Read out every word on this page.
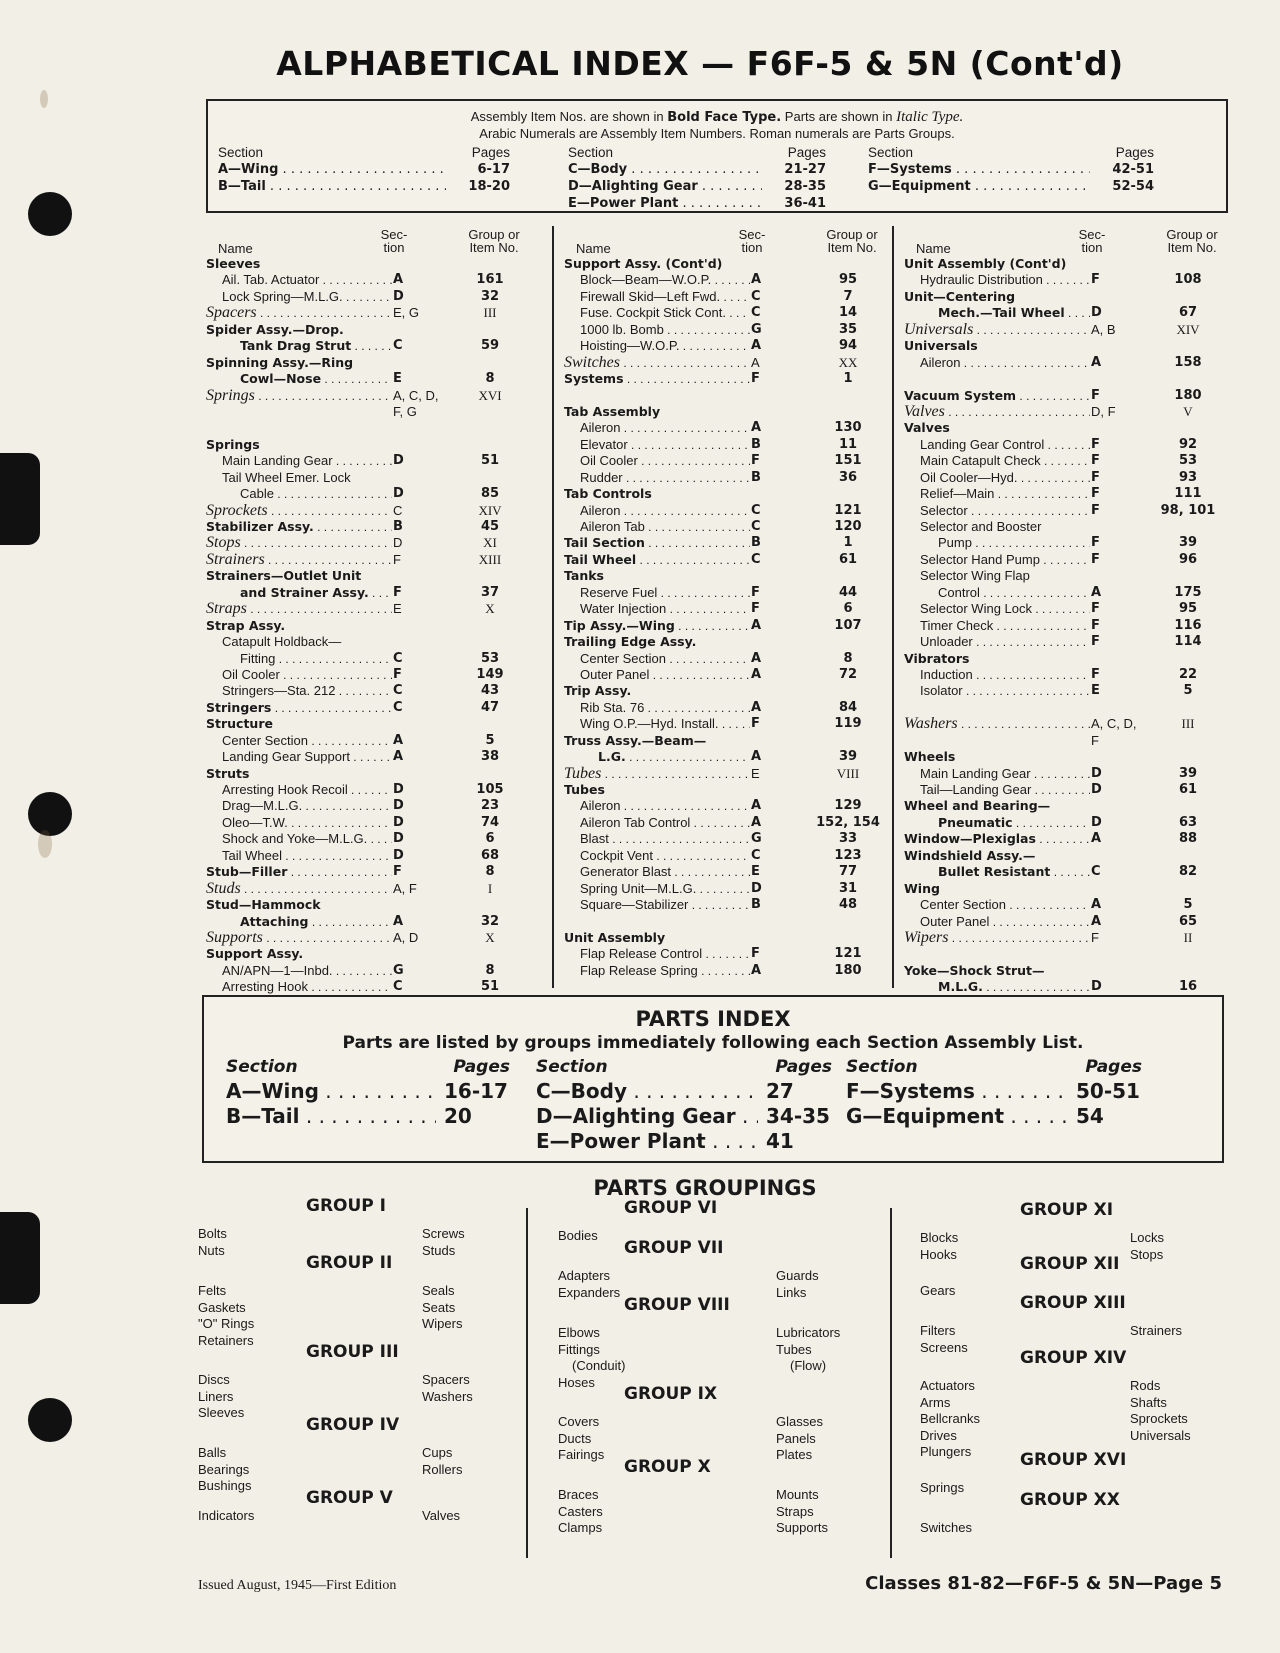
ALPHABETICAL INDEX — F6F-5 & 5N (Cont'd)
Assembly Item Nos. are shown in Bold Face Type. Parts are shown in Italic Type.
Arabic Numerals are Assembly Item Numbers. Roman numerals are Parts Groups.
Section	Pages
A—Wing . . .	6-17
B—Tail . . .	18-20
Section	Pages
C—Body . . .	21-27
D—Alighting Gear . . .	28-35
E—Power Plant . . .	36-41
Section	Pages
F—Systems . . .	42-51
G—Equipment . . .	52-54
Name
Sec-
tion
Group or
Item No.
Sleeves
Ail. Tab. Actuator . . .	A	161
Lock Spring—M.L.G. . . .	D	32
Spacers . . .	E, G	III
Spider Assy.—Drop.
Tank Drag Strut . . .	C	59
Spinning Assy.—Ring
Cowl—Nose . . .	E	8
Springs . . .	A, C, D,	XVI
F, G
Springs
Main Landing Gear . . .	D	51
Tail Wheel Emer. Lock
Cable . . .	D	85
Sprockets . . .	C	XIV
Stabilizer Assy. . . .	B	45
Stops . . .	D	XI
Strainers . . .	F	XIII
Strainers—Outlet Unit
and Strainer Assy. . . .	F	37
Straps . . .	E	X
Strap Assy.
Catapult Holdback—
Fitting . . .	C	53
Oil Cooler . . .	F	149
Stringers—Sta. 212 . . .	C	43
Stringers . . .	C	47
Structure
Center Section . . .	A	5
Landing Gear Support . . .	A	38
Struts
Arresting Hook Recoil . . .	D	105
Drag—M.L.G. . . .	D	23
Oleo—T.W. . . .	D	74
Shock and Yoke—M.L.G. . . .	D	6
Tail Wheel . . .	D	68
Stub—Filler . . .	F	8
Studs . . .	A, F	I
Stud—Hammock
Attaching . . .	A	32
Supports . . .	A, D	X
Support Assy.
AN/APN—1—Inbd. . . .	G	8
Arresting Hook . . .	C	51
Name
Sec-
tion
Group or
Item No.
Support Assy. (Cont'd)
Block—Beam—W.O.P. . . .	A	95
Firewall Skid—Left Fwd. . . .	C	7
Fuse. Cockpit Stick Cont. . . .	C	14
1000 lb. Bomb . . .	G	35
Hoisting—W.O.P. . . .	A	94
Switches . . .	A	XX
Systems . . .	F	1
Tab Assembly
Aileron . . .	A	130
Elevator . . .	B	11
Oil Cooler . . .	F	151
Rudder . . .	B	36
Tab Controls
Aileron . . .	C	121
Aileron Tab . . .	C	120
Tail Section . . .	B	1
Tail Wheel . . .	C	61
Tanks
Reserve Fuel . . .	F	44
Water Injection . . .	F	6
Tip Assy.—Wing . . .	A	107
Trailing Edge Assy.
Center Section . . .	A	8
Outer Panel . . .	A	72
Trip Assy.
Rib Sta. 76 . . .	A	84
Wing O.P.—Hyd. Install. . . .	F	119
Truss Assy.—Beam—
L.G. . . .	A	39
Tubes . . .	E	VIII
Tubes
Aileron . . .	A	129
Aileron Tab Control . . .	A	152, 154
Blast . . .	G	33
Cockpit Vent . . .	C	123
Generator Blast . . .	E	77
Spring Unit—M.L.G. . . .	D	31
Square—Stabilizer . . .	B	48
Unit Assembly
Flap Release Control . . .	F	121
Flap Release Spring . . .	A	180
Name
Sec-
tion
Group or
Item No.
Unit Assembly (Cont'd)
Hydraulic Distribution . . .	F	108
Unit—Centering
Mech.—Tail Wheel . . .	D	67
Universals . . .	A, B	XIV
Universals
Aileron . . .	A	158
Vacuum System . . .	F	180
Valves . . .	D, F	V
Valves
Landing Gear Control . . .	F	92
Main Catapult Check . . .	F	53
Oil Cooler—Hyd. . . .	F	93
Relief—Main . . .	F	111
Selector . . .	F	98, 101
Selector and Booster
Pump . . .	F	39
Selector Hand Pump . . .	F	96
Selector Wing Flap
Control . . .	A	175
Selector Wing Lock . . .	F	95
Timer Check . . .	F	116
Unloader . . .	F	114
Vibrators
Induction . . .	F	22
Isolator . . .	E	5
Washers . . .	A, C, D,	III
F
Wheels
Main Landing Gear . . .	D	39
Tail—Landing Gear . . .	D	61
Wheel and Bearing—
Pneumatic . . .	D	63
Window—Plexiglas . . .	A	88
Windshield Assy.—
Bullet Resistant . . .	C	82
Wing
Center Section . . .	A	5
Outer Panel . . .	A	65
Wipers . . .	F	II
Yoke—Shock Strut—
M.L.G. . . .	D	16
PARTS INDEX
Parts are listed by groups immediately following each Section Assembly List.
Section	Pages
A—Wing . . .	16-17
B—Tail . . .	20
Section	Pages
C—Body . . .	27
D—Alighting Gear . . .	34-35
E—Power Plant . . .	41
Section	Pages
F—Systems . . .	50-51
G—Equipment . . .	54
PARTS GROUPINGS
GROUP I
Bolts
Nuts
Screws
Studs
GROUP II
Felts
Gaskets
"O" Rings
Retainers
Seals
Seats
Wipers
GROUP III
Discs
Liners
Sleeves
Spacers
Washers
GROUP IV
Balls
Bearings
Bushings
Cups
Rollers
GROUP V
Indicators	Valves
GROUP VI
Bodies
GROUP VII
Adapters
Expanders
Guards
Links
GROUP VIII
Elbows
Fittings
(Conduit)
Hoses
Lubricators
Tubes
(Flow)
GROUP IX
Covers
Ducts
Fairings
Glasses
Panels
Plates
GROUP X
Braces
Casters
Clamps
Mounts
Straps
Supports
GROUP XI
Blocks
Hooks
Locks
Stops
GROUP XII
Gears
GROUP XIII
Filters
Screens
Strainers
GROUP XIV
Actuators
Arms
Bellcranks
Drives
Plungers
Rods
Shafts
Sprockets
Universals
GROUP XVI
Springs
GROUP XX
Switches
Issued August, 1945—First Edition	Classes 81-82—F6F-5 & 5N—Page 5
